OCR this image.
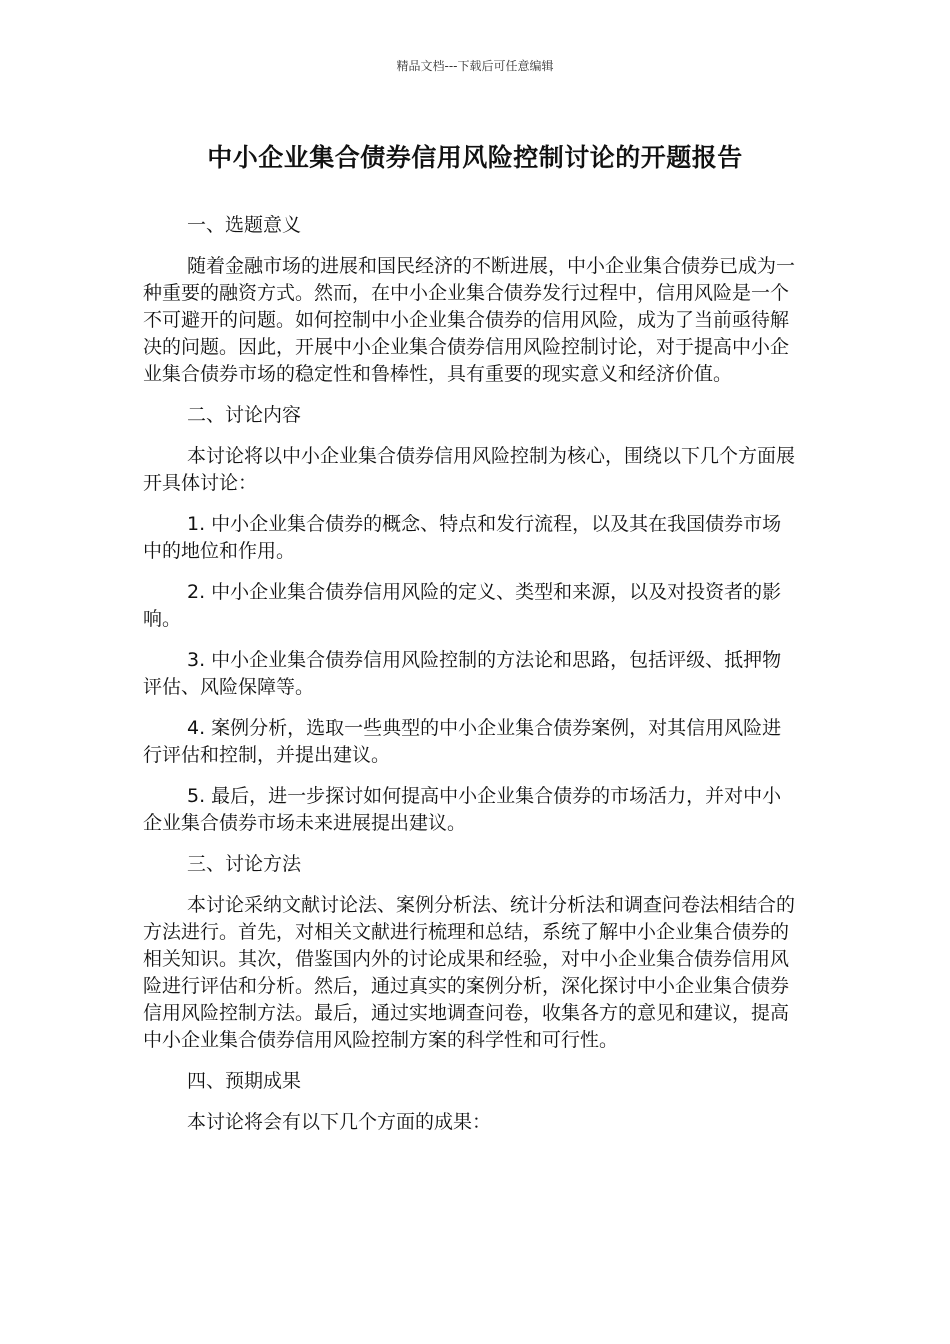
精品文档---下载后可任意编辑
中小企业集合债券信用风险控制讨论的开题报告

一、选题意义

随着金融市场的进展和国民经济的不断进展，中小企业集合债券已成为一种重要的融资方式。然而，在中小企业集合债券发行过程中，信用风险是一个不可避开的问题。如何控制中小企业集合债券的信用风险，成为了当前亟待解决的问题。因此，开展中小企业集合债券信用风险控制讨论，对于提高中小企业集合债券市场的稳定性和鲁棒性，具有重要的现实意义和经济价值。

二、讨论内容

本讨论将以中小企业集合债券信用风险控制为核心，围绕以下几个方面展开具体讨论：

1. 中小企业集合债券的概念、特点和发行流程，以及其在我国债券市场中的地位和作用。

2. 中小企业集合债券信用风险的定义、类型和来源，以及对投资者的影响。

3. 中小企业集合债券信用风险控制的方法论和思路，包括评级、抵押物评估、风险保障等。

4. 案例分析，选取一些典型的中小企业集合债券案例，对其信用风险进行评估和控制，并提出建议。

5. 最后，进一步探讨如何提高中小企业集合债券的市场活力，并对中小企业集合债券市场未来进展提出建议。

三、讨论方法

本讨论采纳文献讨论法、案例分析法、统计分析法和调查问卷法相结合的方法进行。首先，对相关文献进行梳理和总结，系统了解中小企业集合债券的相关知识。其次，借鉴国内外的讨论成果和经验，对中小企业集合债券信用风险进行评估和分析。然后，通过真实的案例分析，深化探讨中小企业集合债券信用风险控制方法。最后，通过实地调查问卷，收集各方的意见和建议，提高中小企业集合债券信用风险控制方案的科学性和可行性。

四、预期成果

本讨论将会有以下几个方面的成果：
